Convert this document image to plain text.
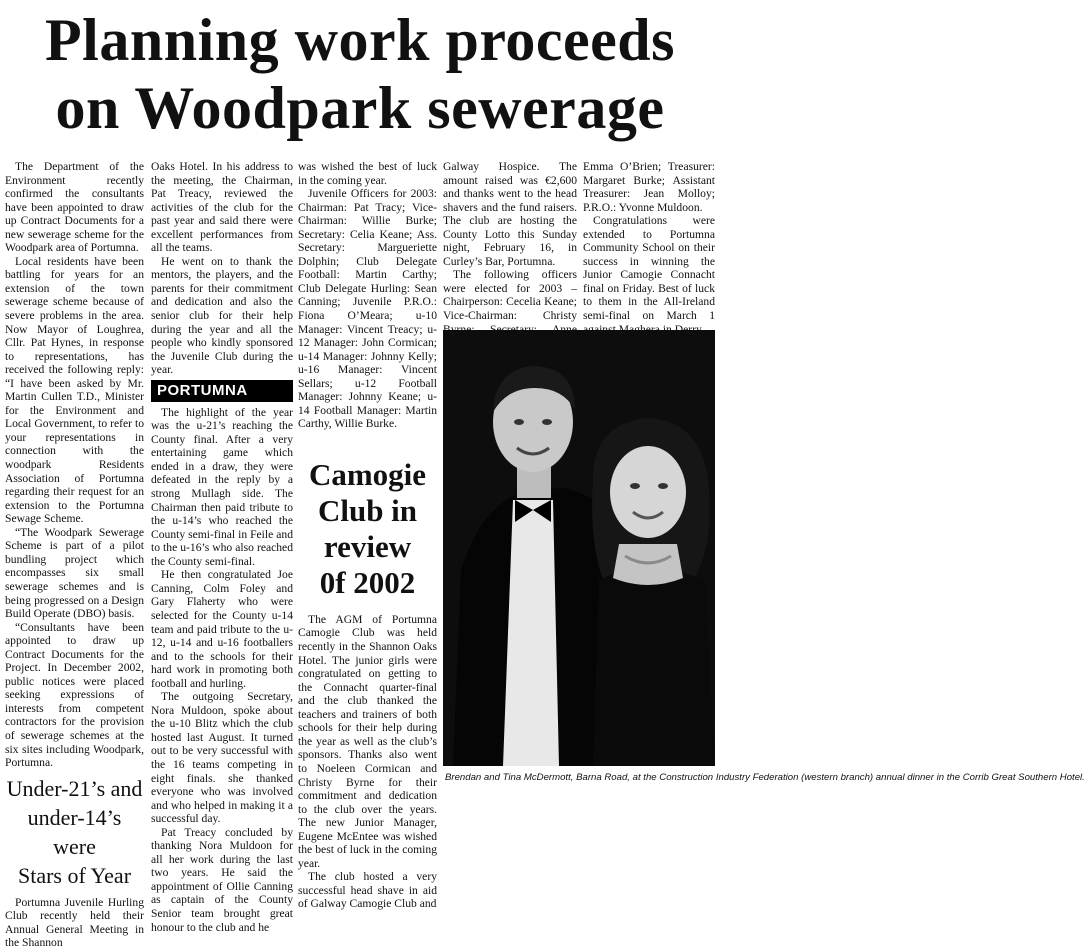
Planning work proceeds
on Woodpark sewerage

The Department of the Environment recently confirmed the consultants have been appointed to draw up Contract Documents for a new sewerage scheme for the Woodpark area of Portumna.

Local residents have been battling for years for an extension of the town sewerage scheme because of severe problems in the area. Now Mayor of Loughrea, Cllr. Pat Hynes, in response to representations, has received the following reply: “I have been asked by Mr. Martin Cullen T.D., Minister for the Environment and Local Government, to refer to your representations in connection with the woodpark Residents Association of Portumna regarding their request for an extension to the Portumna Sewage Scheme.

“The Woodpark Sewerage Scheme is part of a pilot bundling project which encompasses six small sewerage schemes and is being progressed on a Design Build Operate (DBO) basis.

“Consultants have been appointed to draw up Contract Documents for the Project. In December 2002, public notices were placed seeking expressions of interests from competent contractors for the provision of sewerage schemes at the six sites including Woodpark, Portumna.

Under-21’s and
under-14’s were
Stars of Year

Portumna Juvenile Hurling Club recently held their Annual General Meeting in the Shannon

Oaks Hotel. In his address to the meeting, the Chairman, Pat Treacy, reviewed the activities of the club for the past year and said there were excellent performances from all the teams.

He went on to thank the mentors, the players, and the parents for their commitment and dedication and also the senior club for their help during the year and all the people who kindly sponsored the Juvenile Club during the year.

PORTUMNA

The highlight of the year was the u-21’s reaching the County final. After a very entertaining game which ended in a draw, they were defeated in the reply by a strong Mullagh side. The Chairman then paid tribute to the u-14’s who reached the County semi-final in Feile and to the u-16’s who also reached the County semi-final.

He then congratulated Joe Canning, Colm Foley and Gary Flaherty who were selected for the County u-14 team and paid tribute to the u-12, u-14 and u-16 footballers and to the schools for their hard work in promoting both football and hurling.

The outgoing Secretary, Nora Muldoon, spoke about the u-10 Blitz which the club hosted last August. It turned out to be very successful with the 16 teams competing in eight finals. she thanked everyone who was involved and who helped in making it a successful day.

Pat Treacy concluded by thanking Nora Muldoon for all her work during the last two years. He said the appointment of Ollie Canning as captain of the County Senior team brought great honour to the club and he

was wished the best of luck in the coming year.

Juvenile Officers for 2003: Chairman: Pat Tracy; Vice-Chairman: Willie Burke; Secretary: Celia Keane; Ass. Secretary: Margueriette Dolphin; Club Delegate Football: Martin Carthy; Club Delegate Hurling: Sean Canning; Juvenile P.R.O.: Fiona O’Meara; u-10 Manager: Vincent Treacy; u-12 Manager: John Cormican; u-14 Manager: Johnny Kelly; u-16 Manager: Vincent Sellars; u-12 Football Manager: Johnny Keane; u-14 Football Manager: Martin Carthy, Willie Burke.

Camogie
Club in
review
0f 2002

The AGM of Portumna Camogie Club was held recently in the Shannon Oaks Hotel. The junior girls were congratulated on getting to the Connacht quarter-final and the club thanked the teachers and trainers of both schools for their help during the year as well as the club’s sponsors. Thanks also went to Noeleen Cormican and Christy Byrne for their commitment and dedication to the club over the years. The new Junior Manager, Eugene McEntee was wished the best of luck in the coming year.

The club hosted a very successful head shave in aid of Galway Camogie Club and

Galway Hospice. The amount raised was €2,600 and thanks went to the head shavers and the fund raisers. The club are hosting the County Lotto this Sunday night, February 16, in Curley’s Bar, Portumna.

The following officers were elected for 2003 – Chairperson: Cecelia Keane; Vice-Chairman: Christy

Emma O’Brien; Treasurer: Margaret Burke; Assistant Treasurer: Jean Molloy; P.R.O.: Yvonne Muldoon.

Congratulations were extended to Portumna Community School on their success in winning the Junior Camogie Connacht final on Friday. Best of luck to them in the All-Ireland semi-final on March 1

Brendan and Tina McDermott, Barna Road, at the Construction Industry Federation (western branch) annual dinner in the Corrib Great Southern Hotel.
